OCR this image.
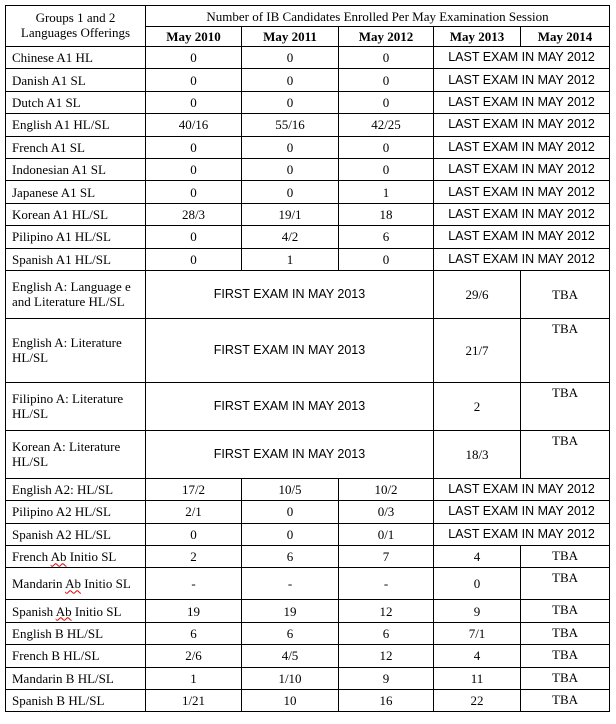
Groups 1 and 2 Languages Offerings	Number of IB Candidates Enrolled Per May Examination Session				
	May 2010	May 2011	May 2012	May 2013	May 2014
Chinese A1 HL	0	0	0	LAST EXAM IN MAY 2012	
Danish A1 SL	0	0	0	LAST EXAM IN MAY 2012	
Dutch A1 SL	0	0	0	LAST EXAM IN MAY 2012	
English A1 HL/SL	40/16	55/16	42/25	LAST EXAM IN MAY 2012	
French A1 SL	0	0	0	LAST EXAM IN MAY 2012	
Indonesian A1 SL	0	0	0	LAST EXAM IN MAY 2012	
Japanese A1 SL	0	0	1	LAST EXAM IN MAY 2012	
Korean A1 HL/SL	28/3	19/1	18	LAST EXAM IN MAY 2012	
Pilipino A1 HL/SL	0	4/2	6	LAST EXAM IN MAY 2012	
Spanish A1 HL/SL	0	1	0	LAST EXAM IN MAY 2012	
English A: Language e and Literature HL/SL	FIRST EXAM IN MAY 2013			29/6	TBA
English A: Literature HL/SL	FIRST EXAM IN MAY 2013			21/7	TBA
Filipino A: Literature HL/SL	FIRST EXAM IN MAY 2013			2	TBA
Korean A: Literature HL/SL	FIRST EXAM IN MAY 2013			18/3	TBA
English A2: HL/SL	17/2	10/5	10/2	LAST EXAM IN MAY 2012	
Pilipino A2 HL/SL	2/1	0	0/3	LAST EXAM IN MAY 2012	
Spanish A2 HL/SL	0	0	0/1	LAST EXAM IN MAY 2012	
French Ab Initio SL	2	6	7	4	TBA
Mandarin Ab Initio SL	-	-	-	0	TBA
Spanish Ab Initio SL	19	19	12	9	TBA
English B HL/SL	6	6	6	7/1	TBA
French B HL/SL	2/6	4/5	12	4	TBA
Mandarin B HL/SL	1	1/10	9	11	TBA
Spanish B HL/SL	1/21	10	16	22	TBA
